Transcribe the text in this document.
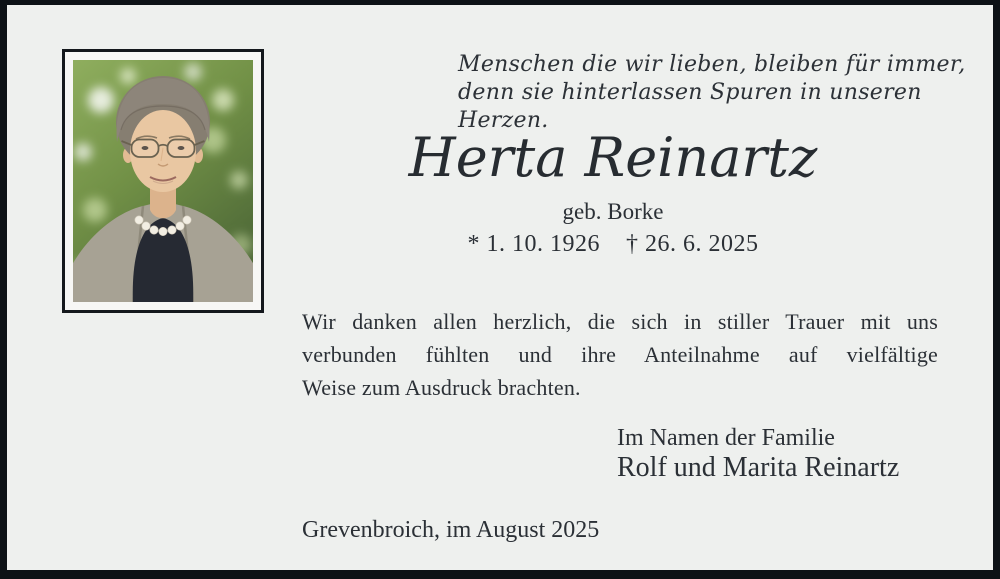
Menschen die wir lieben, bleiben für immer,
denn sie hinterlassen Spuren in unseren Herzen.
Herta Reinartz
geb. Borke
* 1. 10. 1926 † 26. 6. 2025
Wir danken allen herzlich, die sich in stiller Trauer mit uns
verbunden fühlten und ihre Anteilnahme auf vielfältige
Weise zum Ausdruck brachten.
Im Namen der Familie
Rolf und Marita Reinartz
Grevenbroich, im August 2025
